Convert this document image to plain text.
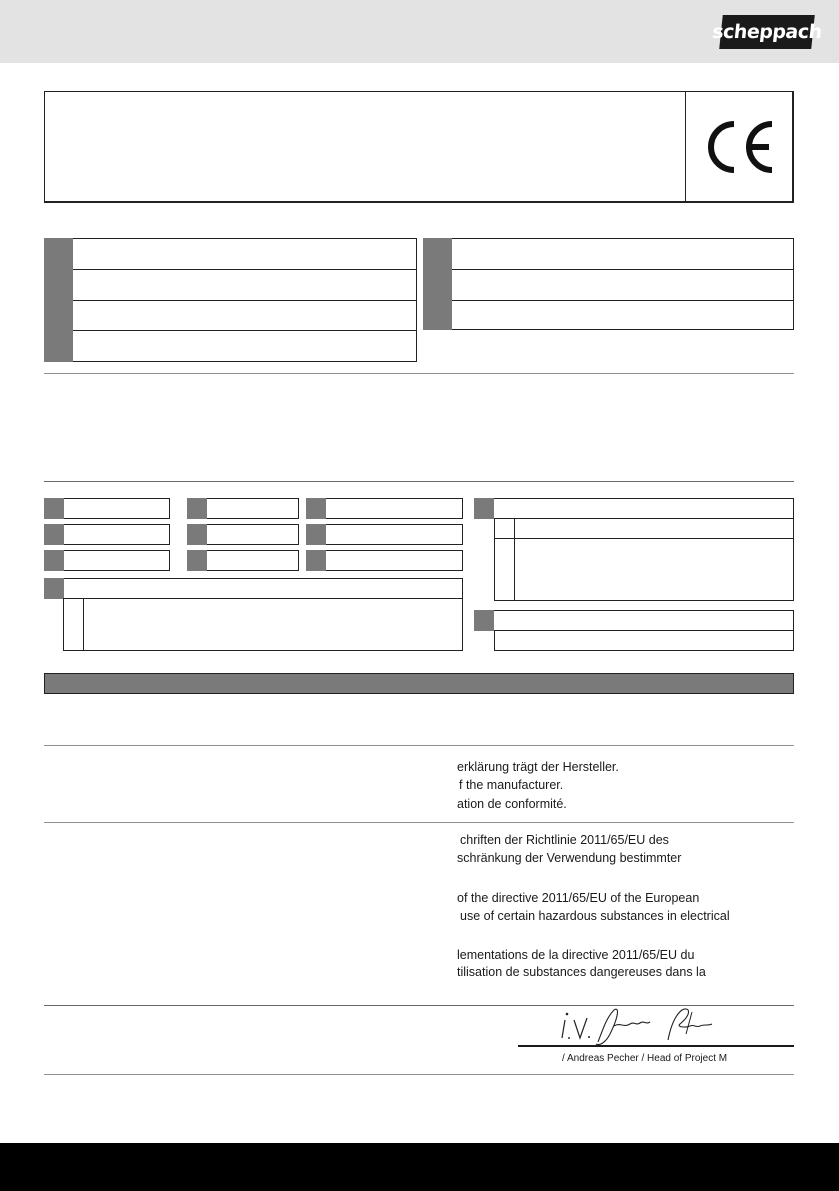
scheppach
erklärung trägt der Hersteller.
f the manufacturer.
ation de conformité.
chriften der Richtlinie 2011/65/EU des
schränkung der Verwendung bestimmter
of the directive 2011/65/EU of the European
use of certain hazardous substances in electrical
lementations de la directive 2011/65/EU du
tilisation de substances dangereuses dans la
/ Andreas Pecher / Head of Project M
